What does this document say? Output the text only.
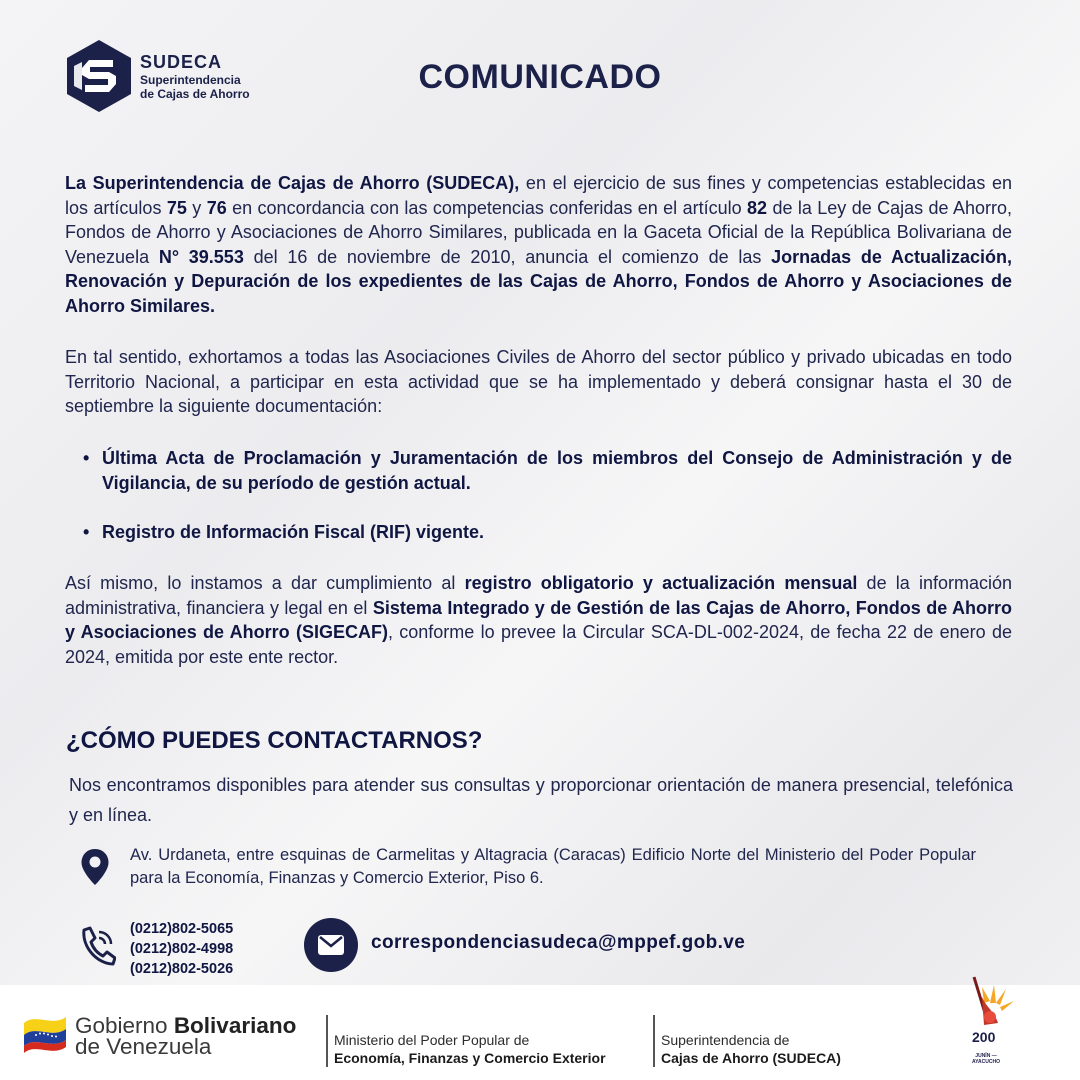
SUDECA
Superintendencia
de Cajas de Ahorro	COMUNICADO
La Superintendencia de Cajas de Ahorro (SUDECA), en el ejercicio de sus fines y competencias establecidas en los artículos 75 y 76 en concordancia con las competencias conferidas en el artículo 82 de la Ley de Cajas de Ahorro, Fondos de Ahorro y Asociaciones de Ahorro Similares, publicada en la Gaceta Oficial de la República Bolivariana de Venezuela N° 39.553 del 16 de noviembre de 2010, anuncia el comienzo de las Jornadas de Actualización, Renovación y Depuración de los expedientes de las Cajas de Ahorro, Fondos de Ahorro y Asociaciones de Ahorro Similares.
En tal sentido, exhortamos a todas las Asociaciones Civiles de Ahorro del sector público y privado ubicadas en todo Territorio Nacional, a participar en esta actividad que se ha implementado y deberá consignar hasta el 30 de septiembre la siguiente documentación:
• Última Acta de Proclamación y Juramentación de los miembros del Consejo de Administración y de Vigilancia, de su período de gestión actual.
• Registro de Información Fiscal (RIF) vigente.
Así mismo, lo instamos a dar cumplimiento al registro obligatorio y actualización mensual de la información administrativa, financiera y legal en el Sistema Integrado y de Gestión de las Cajas de Ahorro, Fondos de Ahorro y Asociaciones de Ahorro (SIGECAF), conforme lo prevee la Circular SCA-DL-002-2024, de fecha 22 de enero de 2024, emitida por este ente rector.
¿CÓMO PUEDES CONTACTARNOS?
Nos encontramos disponibles para atender sus consultas y proporcionar orientación de manera presencial, telefónica y en línea.
Av. Urdaneta, entre esquinas de Carmelitas y Altagracia (Caracas) Edificio Norte del Ministerio del Poder Popular para la Economía, Finanzas y Comercio Exterior, Piso 6.
(0212)802-5065
(0212)802-4998
(0212)802-5026
correspondenciasudeca@mppef.gob.ve
Gobierno Bolivariano
de Venezuela	Ministerio del Poder Popular de
Economía, Finanzas y Comercio Exterior
Superintendencia de
Cajas de Ahorro (SUDECA)
200
JUNÍN — AYACUCHO
